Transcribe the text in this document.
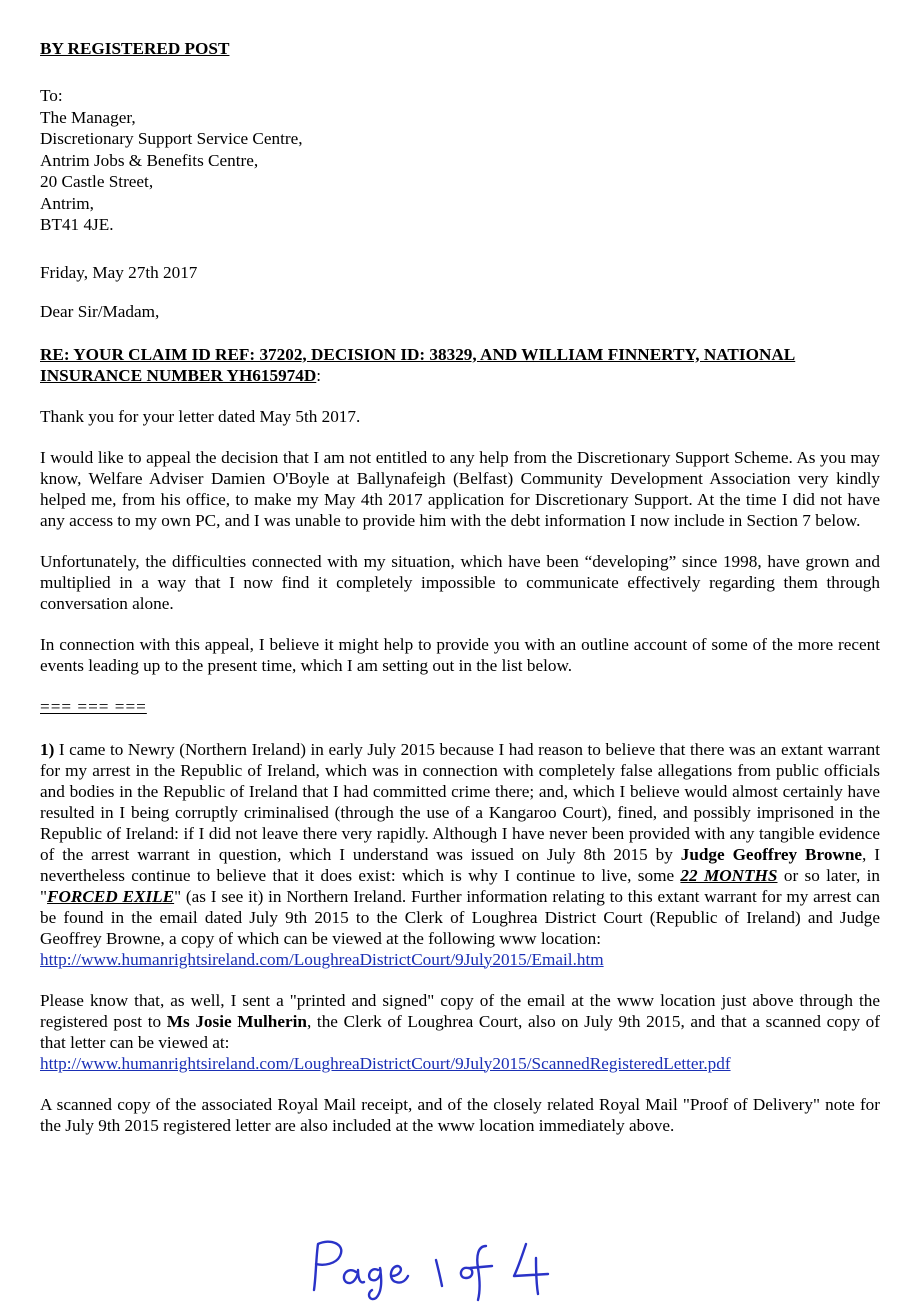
BY REGISTERED POST

To:
The Manager,
Discretionary Support Service Centre,
Antrim Jobs & Benefits Centre,
20 Castle Street,
Antrim,
BT41 4JE.

Friday, May 27th 2017

Dear Sir/Madam,

RE: YOUR CLAIM ID REF: 37202, DECISION ID: 38329, AND WILLIAM FINNERTY, NATIONAL INSURANCE NUMBER YH615974D:

Thank you for your letter dated May 5th 2017.

I would like to appeal the decision that I am not entitled to any help from the Discretionary Support Scheme. As you may know, Welfare Adviser Damien O'Boyle at Ballynafeigh (Belfast) Community Development Association very kindly helped me, from his office, to make my May 4th 2017 application for Discretionary Support. At the time I did not have any access to my own PC, and I was unable to provide him with the debt information I now include in Section 7 below.

Unfortunately, the difficulties connected with my situation, which have been “developing” since 1998, have grown and multiplied in a way that I now find it completely impossible to communicate effectively regarding them through conversation alone.

In connection with this appeal, I believe it might help to provide you with an outline account of some of the more recent events leading up to the present time, which I am setting out in the list below.

=== === ===

1) I came to Newry (Northern Ireland) in early July 2015 because I had reason to believe that there was an extant warrant for my arrest in the Republic of Ireland, which was in connection with completely false allegations from public officials and bodies in the Republic of Ireland that I had committed crime there; and, which I believe would almost certainly have resulted in I being corruptly criminalised (through the use of a Kangaroo Court), fined, and possibly imprisoned in the Republic of Ireland: if I did not leave there very rapidly. Although I have never been provided with any tangible evidence of the arrest warrant in question, which I understand was issued on July 8th 2015 by Judge Geoffrey Browne, I nevertheless continue to believe that it does exist: which is why I continue to live, some 22 MONTHS or so later, in "FORCED EXILE" (as I see it) in Northern Ireland. Further information relating to this extant warrant for my arrest can be found in the email dated July 9th 2015 to the Clerk of Loughrea District Court (Republic of Ireland) and Judge Geoffrey Browne, a copy of which can be viewed at the following www location:
http://www.humanrightsireland.com/LoughreaDistrictCourt/9July2015/Email.htm

Please know that, as well, I sent a "printed and signed" copy of the email at the www location just above through the registered post to Ms Josie Mulherin, the Clerk of Loughrea Court, also on July 9th 2015, and that a scanned copy of that letter can be viewed at:
http://www.humanrightsireland.com/LoughreaDistrictCourt/9July2015/ScannedRegisteredLetter.pdf

A scanned copy of the associated Royal Mail receipt, and of the closely related Royal Mail "Proof of Delivery" note for the July 9th 2015 registered letter are also included at the www location immediately above.
